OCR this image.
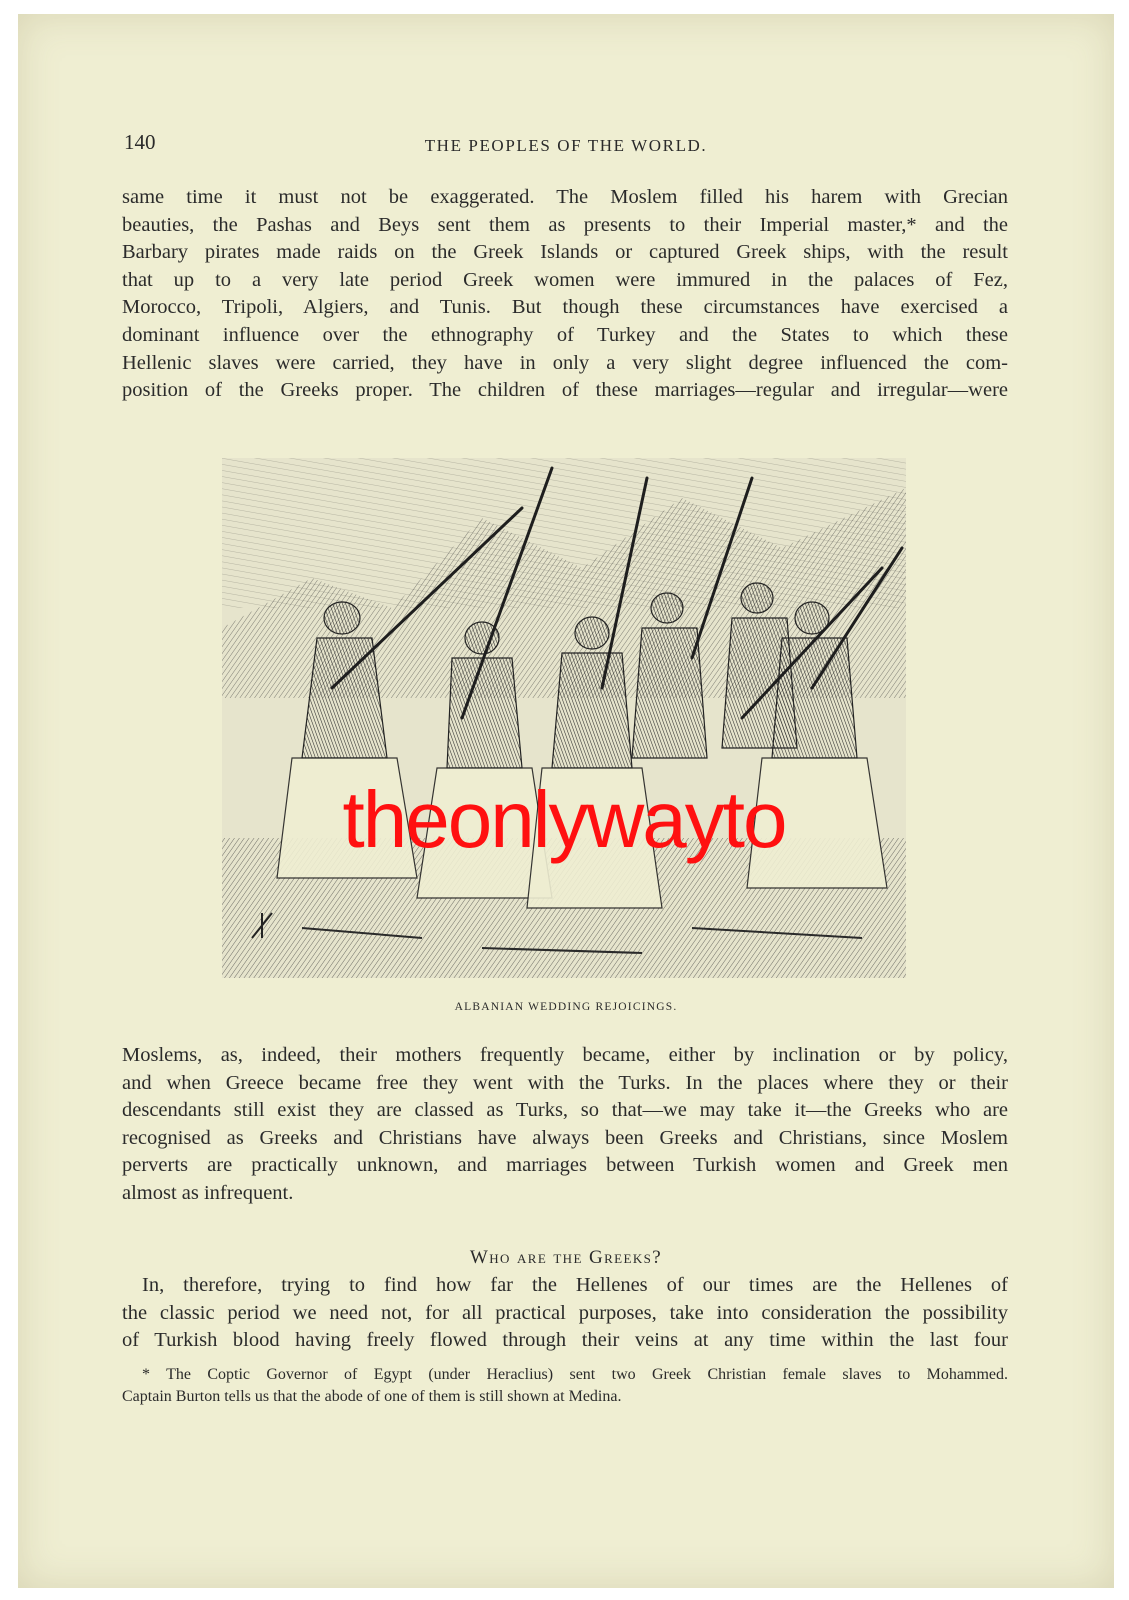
140	THE PEOPLES OF THE WORLD.
same time it must not be exaggerated. The Moslem filled his harem with Grecian
beauties, the Pashas and Beys sent them as presents to their Imperial master,* and the
Barbary pirates made raids on the Greek Islands or captured Greek ships, with the result
that up to a very late period Greek women were immured in the palaces of Fez,
Morocco, Tripoli, Algiers, and Tunis. But though these circumstances have exercised a
dominant influence over the ethnography of Turkey and the States to which these
Hellenic slaves were carried, they have in only a very slight degree influenced the com-
position of the Greeks proper. The children of these marriages—regular and irregular—were
theonlywayto
ALBANIAN WEDDING REJOICINGS.
Moslems, as, indeed, their mothers frequently became, either by inclination or by policy,
and when Greece became free they went with the Turks. In the places where they or their
descendants still exist they are classed as Turks, so that—we may take it—the Greeks who are
recognised as Greeks and Christians have always been Greeks and Christians, since Moslem
perverts are practically unknown, and marriages between Turkish women and Greek men
almost as infrequent.
Who are the Greeks?
In, therefore, trying to find how far the Hellenes of our times are the Hellenes of
the classic period we need not, for all practical purposes, take into consideration the possibility
of Turkish blood having freely flowed through their veins at any time within the last four
* The Coptic Governor of Egypt (under Heraclius) sent two Greek Christian female slaves to Mohammed.
Captain Burton tells us that the abode of one of them is still shown at Medina.
